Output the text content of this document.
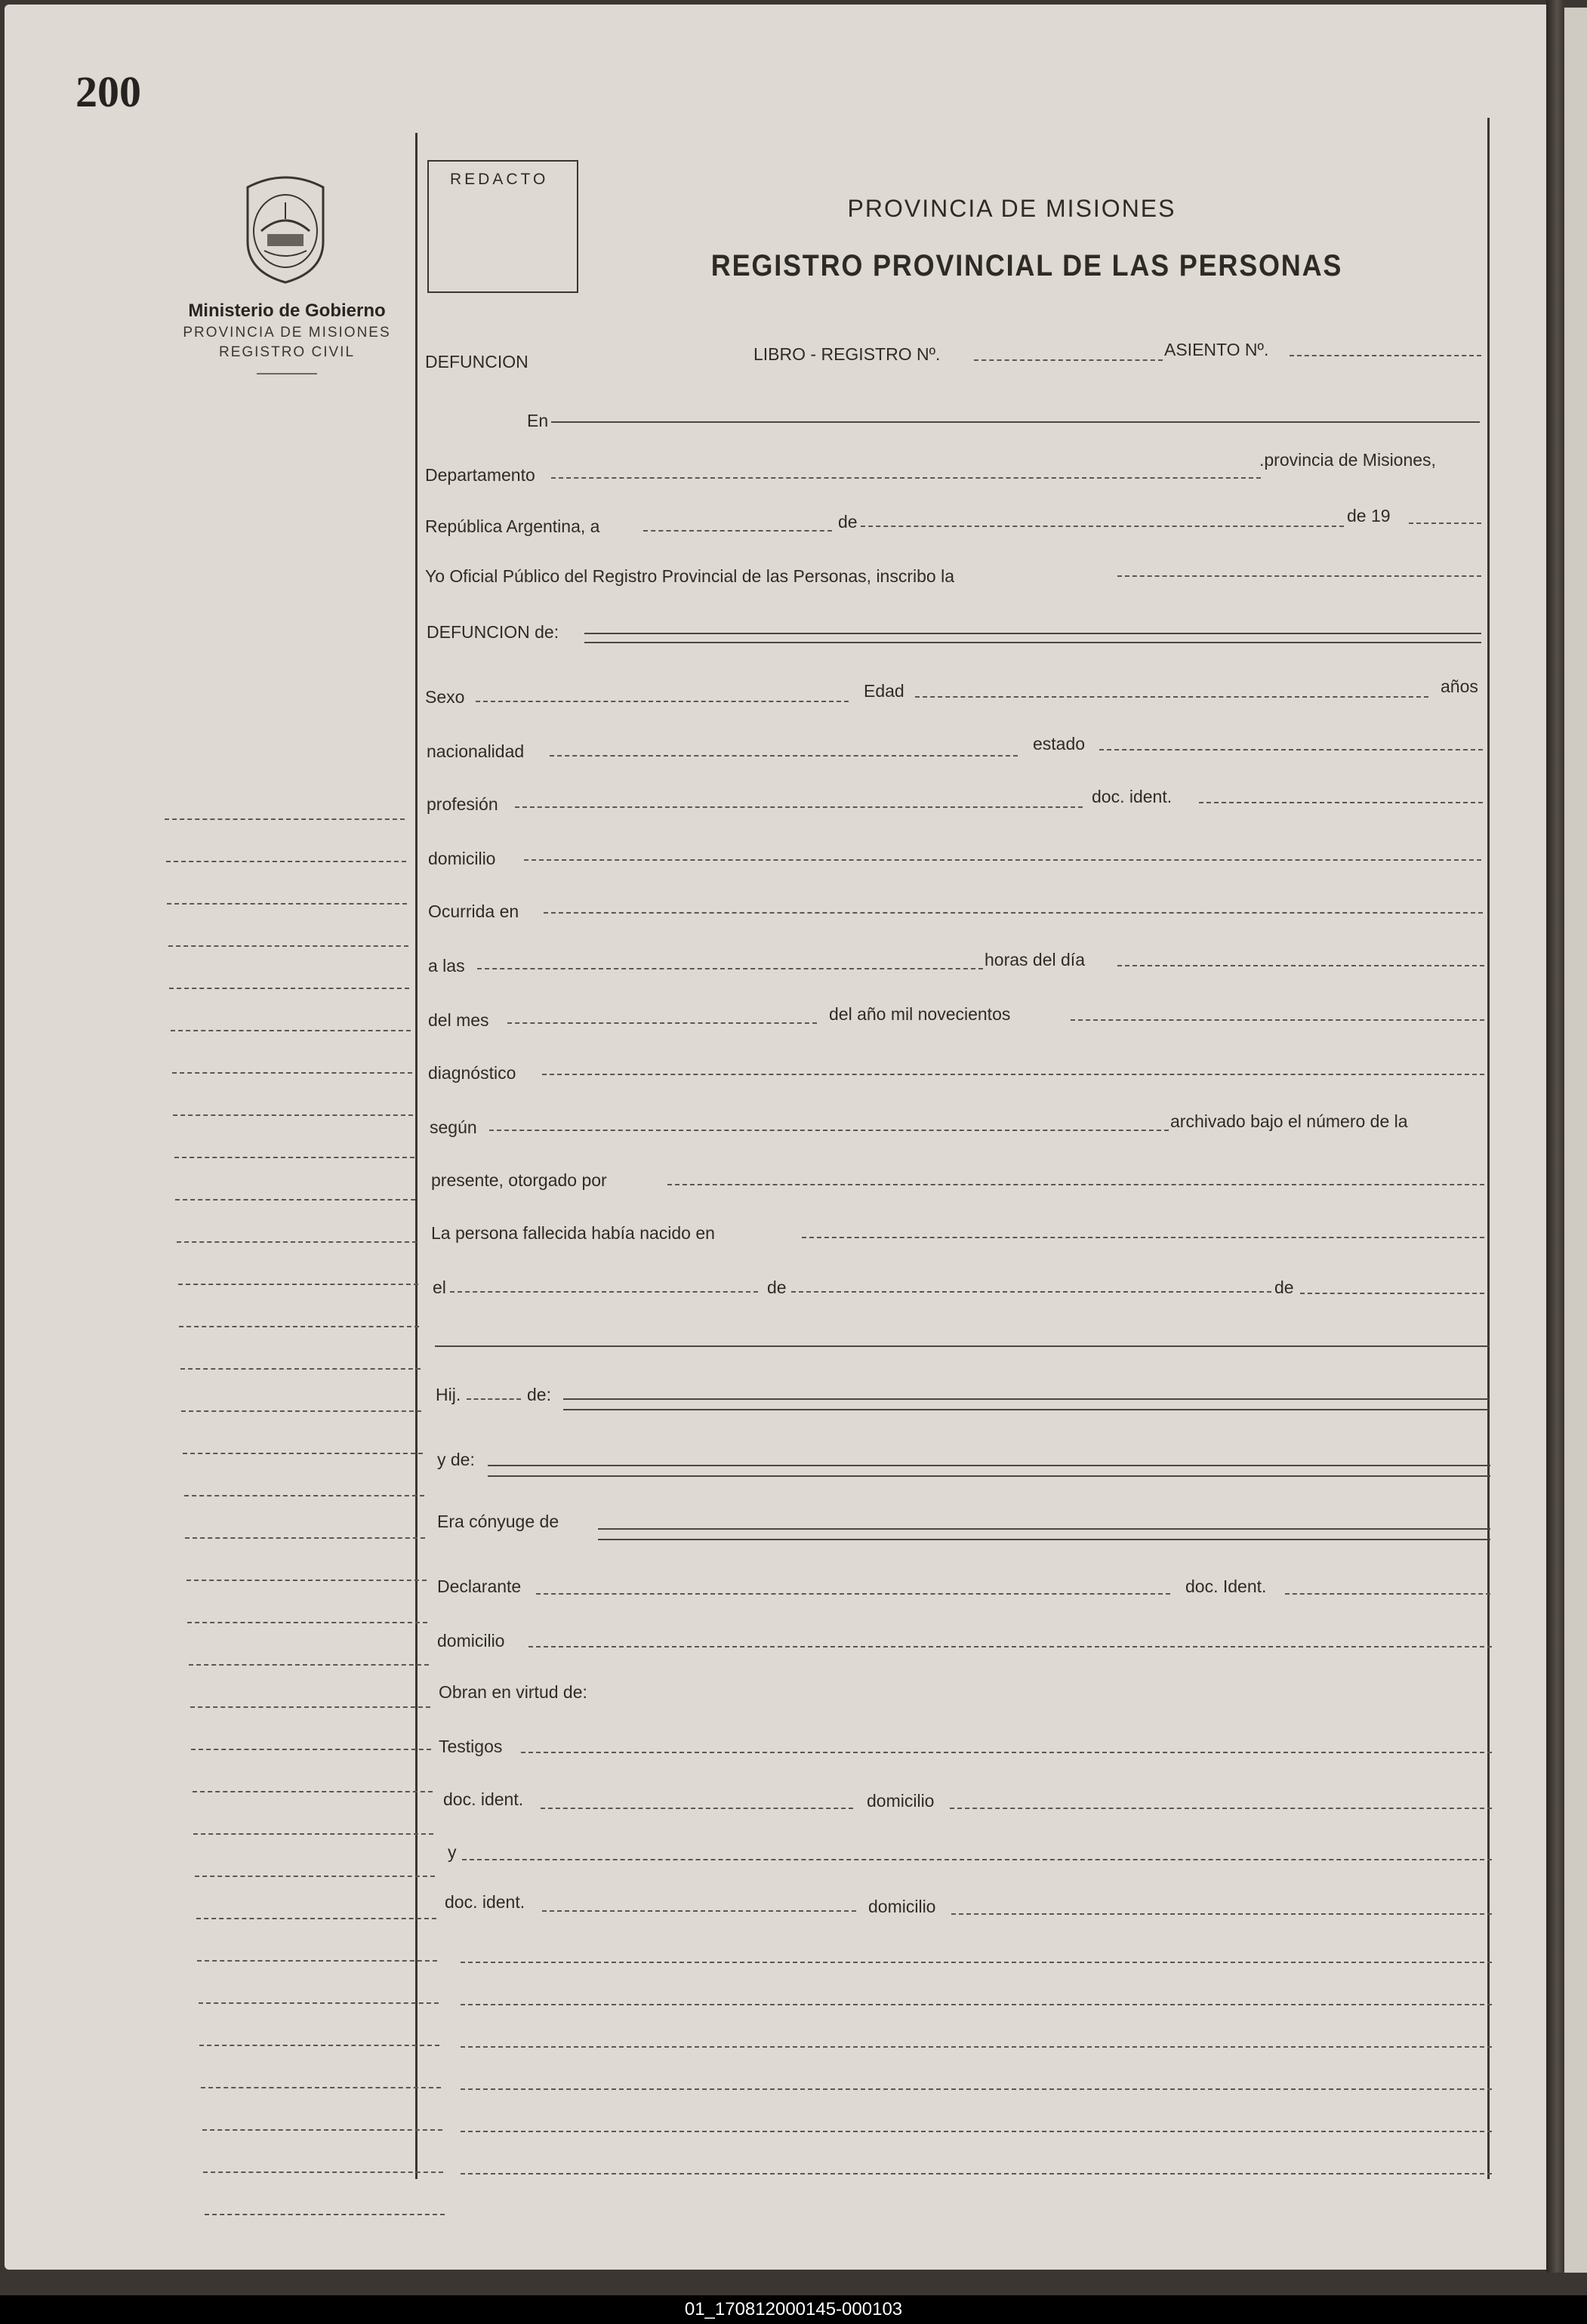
200
Ministerio de Gobierno
PROVINCIA DE MISIONES
REGISTRO CIVIL
REDACTO
PROVINCIA DE MISIONES
REGISTRO PROVINCIAL DE LAS PERSONAS
DEFUNCION	LIBRO - REGISTRO Nº.	ASIENTO Nº.
En
Departamento
.provincia de Misiones,
República Argentina, a	de	de 19
Yo Oficial Público del Registro Provincial de las Personas, inscribo la
DEFUNCION de:
Sexo	Edad	años
nacionalidad	estado
profesión	doc. ident.
domicilio
Ocurrida en
a las	horas del día
del mes	del año mil novecientos
diagnóstico
según	archivado bajo el número de la
presente, otorgado por
La persona fallecida había nacido en
el	de	de
Hij.	de:
y de:
Era cónyuge de
Declarante	doc. Ident.
domicilio
Obran en virtud de:
Testigos
doc. ident.	domicilio
y
doc. ident.	domicilio
01_170812000145-000103
